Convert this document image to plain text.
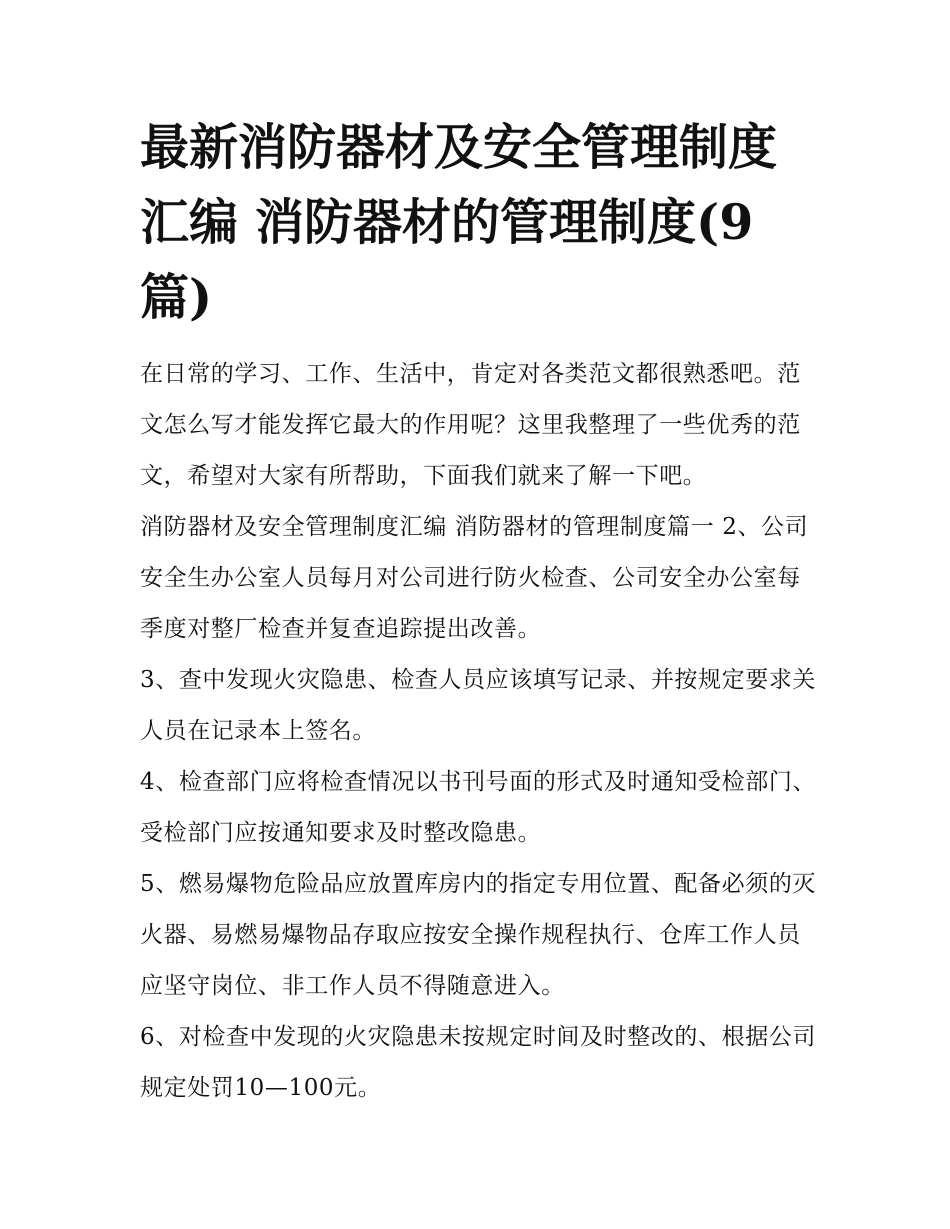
最新消防器材及安全管理制度汇编 消防器材的管理制度(9篇)

在日常的学习、工作、生活中，肯定对各类范文都很熟悉吧。范文怎么写才能发挥它最大的作用呢？这里我整理了一些优秀的范文，希望对大家有所帮助，下面我们就来了解一下吧。

消防器材及安全管理制度汇编 消防器材的管理制度篇一 2、公司安全生办公室人员每月对公司进行防火检查、公司安全办公室每季度对整厂检查并复查追踪提出改善。

3、查中发现火灾隐患、检查人员应该填写记录、并按规定要求关人员在记录本上签名。

4、检查部门应将检查情况以书刊号面的形式及时通知受检部门、受检部门应按通知要求及时整改隐患。

5、燃易爆物危险品应放置库房内的指定专用位置、配备必须的灭火器、易燃易爆物品存取应按安全操作规程执行、仓库工作人员应坚守岗位、非工作人员不得随意进入。

6、对检查中发现的火灾隐患未按规定时间及时整改的、根据公司规定处罚10—100元。
